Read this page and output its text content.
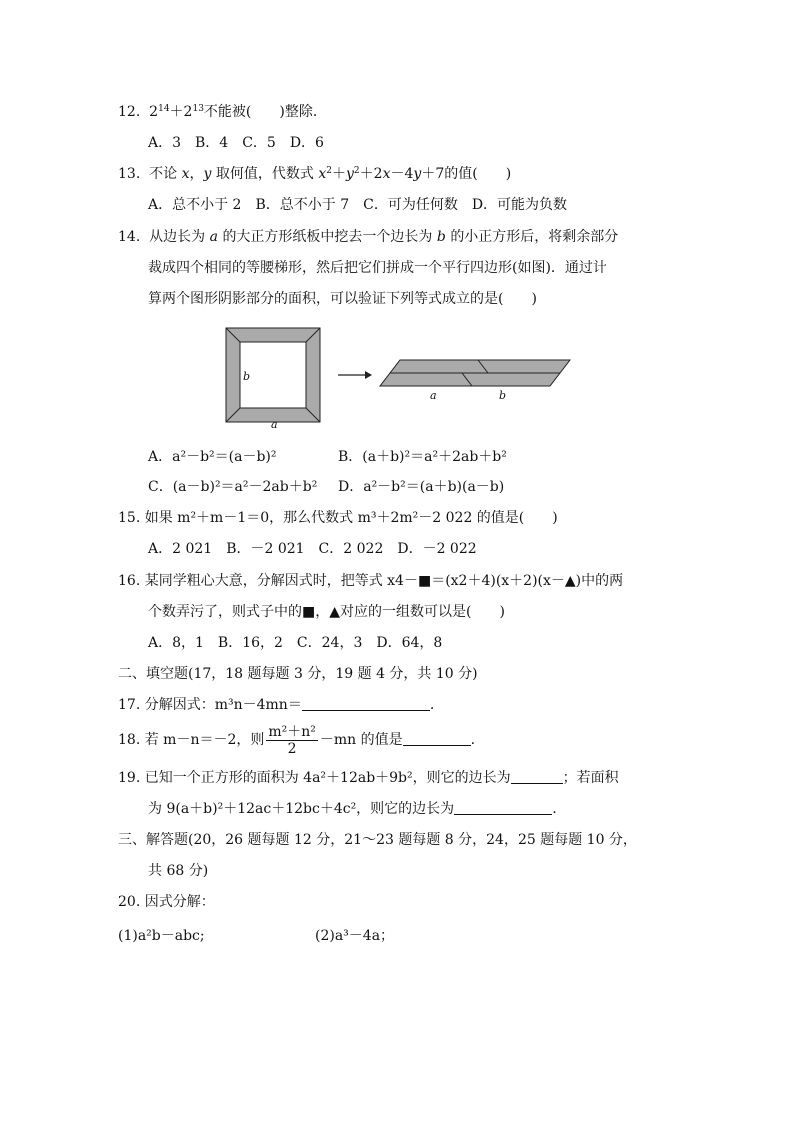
12. $2^{14}+2^{13}$不能被(　　)整除．
A．3　B．4　C．5　D．6
13. 不论 x，y 取何值，代数式 $x^2+y^2+2x-4y+7$的值(　　)
A．总不小于 2　B．总不小于 7　C．可为任何数　D．可能为负数
14. 从边长为 a 的大正方形纸板中挖去一个边长为 b 的小正方形后，将剩余部分
裁成四个相同的等腰梯形，然后把它们拼成一个平行四边形(如图)．通过计
算两个图形阴影部分的面积，可以验证下列等式成立的是(　　)
b
a
a	b
A．a²－b²＝(a－b)²	B．(a＋b)²＝a²＋2ab＋b²
C．(a－b)²＝a²－2ab＋b² D．a²－b²＝(a＋b)(a－b)
15. 如果 m²＋m－1＝0，那么代数式 m³＋2m²－2 022 的值是(　　)
A．2 021　B．－2 021　C．2 022　D．－2 022
16. 某同学粗心大意，分解因式时，把等式 x4－■＝(x2＋4)(x＋2)(x－▲)中的两
个数弄污了，则式子中的■，▲对应的一组数可以是(　　)
A．8，1　B．16，2　C．24，3　D．64，8
二、填空题(17，18 题每题 3 分，19 题 4 分，共 10 分)
17. 分解因式：m³n－4mn＝	.
18. 若 m－n＝－2，则 $\frac{\text{m²＋n²}}{2} -mn$ 的值是	.
19. 已知一个正方形的面积为 4a²＋12ab＋9b²，则它的边长为	；若面积
为 9(a＋b)²＋12ac＋12bc＋4c²，则它的边长为	.
三、解答题(20，26 题每题 12 分，21～23 题每题 8 分，24，25 题每题 10 分，
共 68 分)
20. 因式分解：
(1)a²b－abc;	(2)a³－4a；
